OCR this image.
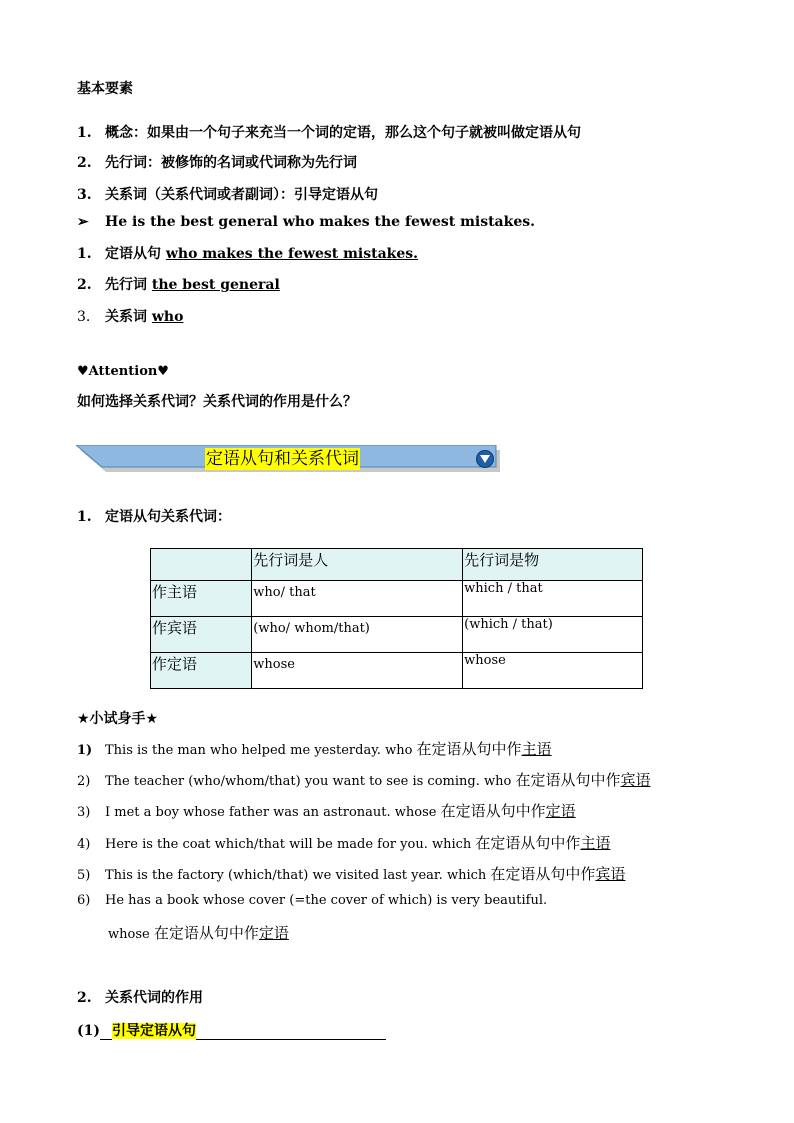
基本要素
1. 概念：如果由一个句子来充当一个词的定语，那么这个句子就被叫做定语从句
2. 先行词：被修饰的名词或代词称为先行词
3. 关系词（关系代词或者副词）：引导定语从句
➢ He is the best general who makes the fewest mistakes.
1. 定语从句 who makes the fewest mistakes.
2. 先行词 the best general
3. 关系词 who
♥Attention♥
如何选择关系代词？关系代词的作用是什么？
定语从句和关系代词
1. 定语从句关系代词：
	先行词是人	先行词是物
作主语	who/ that	which / that
作宾语	(who/ whom/that)	(which / that)
作定语	whose	whose
★小试身手★
1) This is the man who helped me yesterday. who 在定语从句中作主语
2) The teacher (who/whom/that) you want to see is coming. who 在定语从句中作宾语
3) I met a boy whose father was an astronaut. whose 在定语从句中作定语
4) Here is the coat which/that will be made for you. which 在定语从句中作主语
5) This is the factory (which/that) we visited last year. which 在定语从句中作宾语
6) He has a book whose cover (=the cover of which) is very beautiful.
whose 在定语从句中作定语
2. 关系代词的作用
(1) 引导定语从句
